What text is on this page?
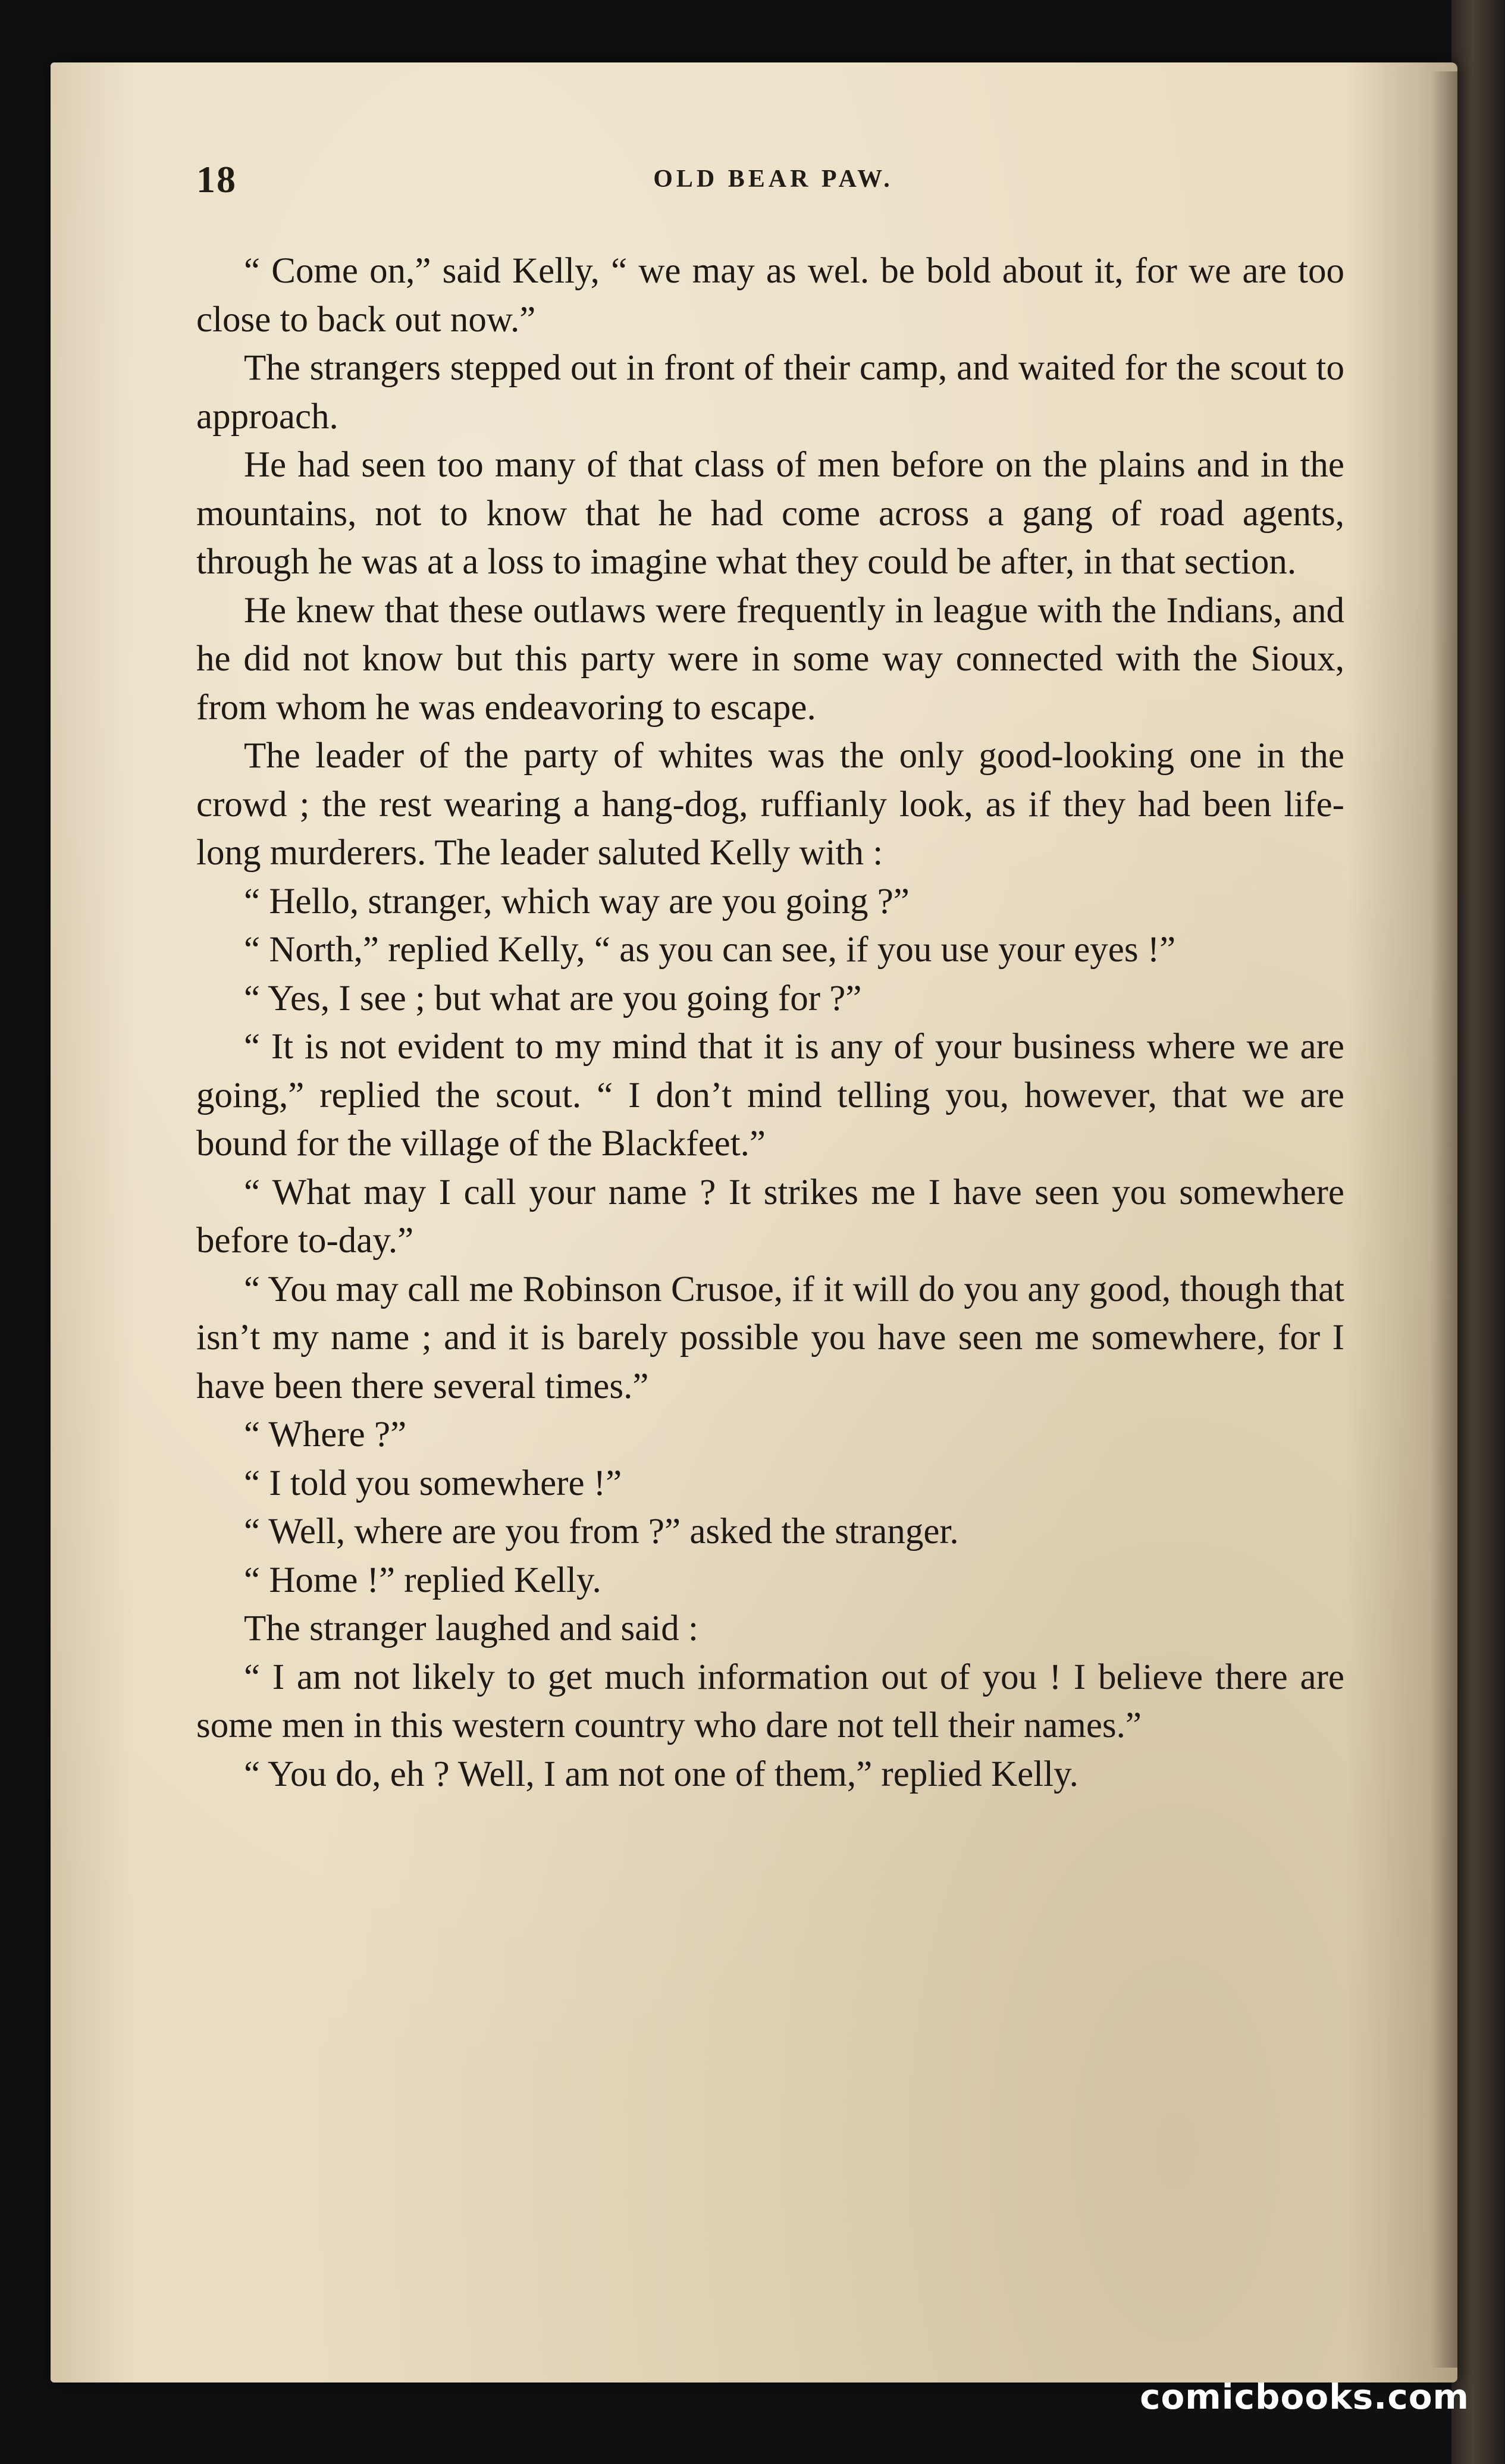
18	OLD BEAR PAW.

“ Come on,” said Kelly, “ we may as wel. be bold about it, for we are too close to back out now.”

The strangers stepped out in front of their camp, and waited for the scout to approach.

He had seen too many of that class of men before on the plains and in the mountains, not to know that he had come across a gang of road agents, through he was at a loss to imagine what they could be after, in that section.

He knew that these outlaws were frequently in league with the Indians, and he did not know but this party were in some way connected with the Sioux, from whom he was endeavoring to escape.

The leader of the party of whites was the only good-looking one in the crowd ; the rest wearing a hang-dog, ruffianly look, as if they had been life-long murderers. The leader saluted Kelly with :

“ Hello, stranger, which way are you going ?”

“ North,” replied Kelly, “ as you can see, if you use your eyes !”

“ Yes, I see ; but what are you going for ?”

“ It is not evident to my mind that it is any of your business where we are going,” replied the scout. “ I don’t mind telling you, however, that we are bound for the village of the Blackfeet.”

“ What may I call your name ? It strikes me I have seen you somewhere before to-day.”

“ You may call me Robinson Crusoe, if it will do you any good, though that isn’t my name ; and it is barely possible you have seen me somewhere, for I have been there several times.”

“ Where ?”

“ I told you somewhere !”

“ Well, where are you from ?” asked the stranger.

“ Home !” replied Kelly.

The stranger laughed and said :

“ I am not likely to get much information out of you ! I believe there are some men in this western country who dare not tell their names.”

“ You do, eh ? Well, I am not one of them,” replied Kelly.

comicbooks.com
